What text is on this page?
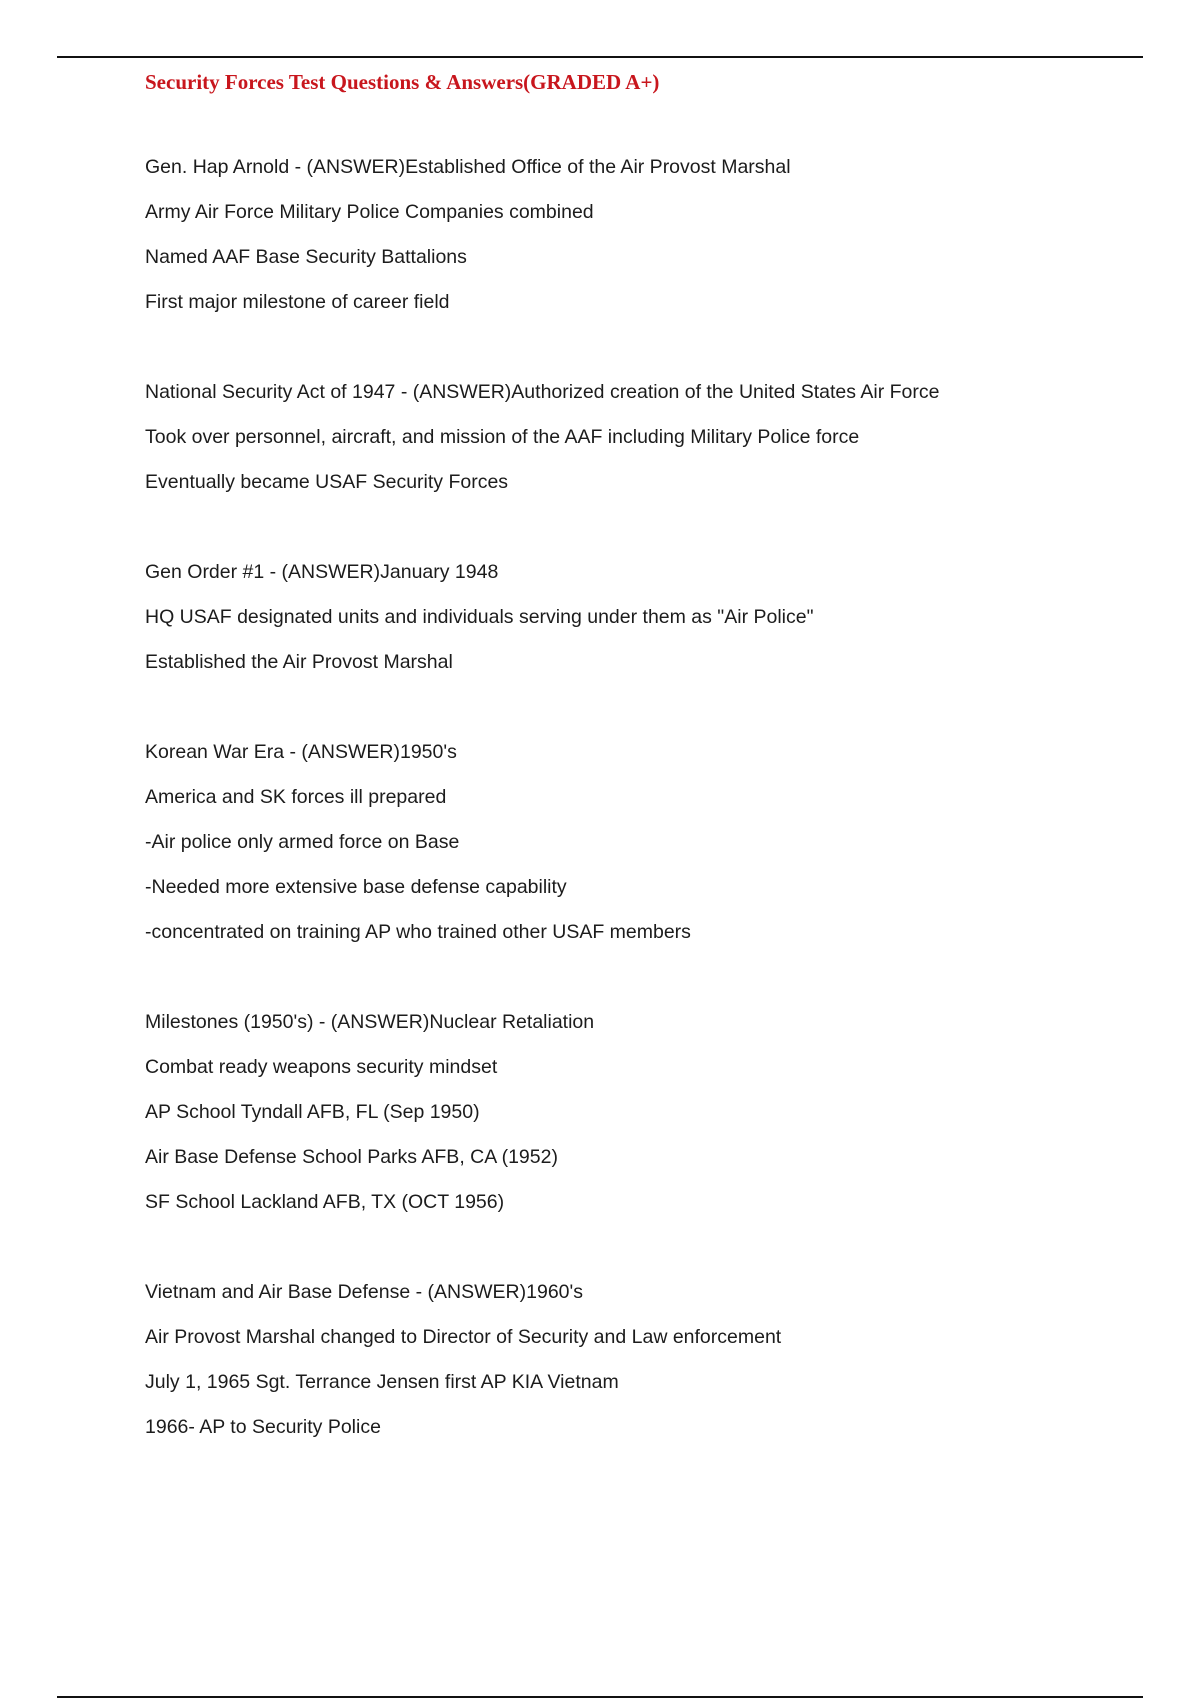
Security Forces Test Questions & Answers(GRADED A+)
Gen. Hap Arnold - (ANSWER)Established Office of the Air Provost Marshal
Army Air Force Military Police Companies combined
Named AAF Base Security Battalions
First major milestone of career field
National Security Act of 1947 - (ANSWER)Authorized creation of the United States Air Force
Took over personnel, aircraft, and mission of the AAF including Military Police force
Eventually became USAF Security Forces
Gen Order #1 - (ANSWER)January 1948
HQ USAF designated units and individuals serving under them as "Air Police"
Established the Air Provost Marshal
Korean War Era - (ANSWER)1950's
America and SK forces ill prepared
-Air police only armed force on Base
-Needed more extensive base defense capability
-concentrated on training AP who trained other USAF members
Milestones (1950's) - (ANSWER)Nuclear Retaliation
Combat ready weapons security mindset
AP School Tyndall AFB, FL (Sep 1950)
Air Base Defense School Parks AFB, CA (1952)
SF School Lackland AFB, TX (OCT 1956)
Vietnam and Air Base Defense - (ANSWER)1960's
Air Provost Marshal changed to Director of Security and Law enforcement
July 1, 1965 Sgt. Terrance Jensen first AP KIA Vietnam
1966- AP to Security Police
